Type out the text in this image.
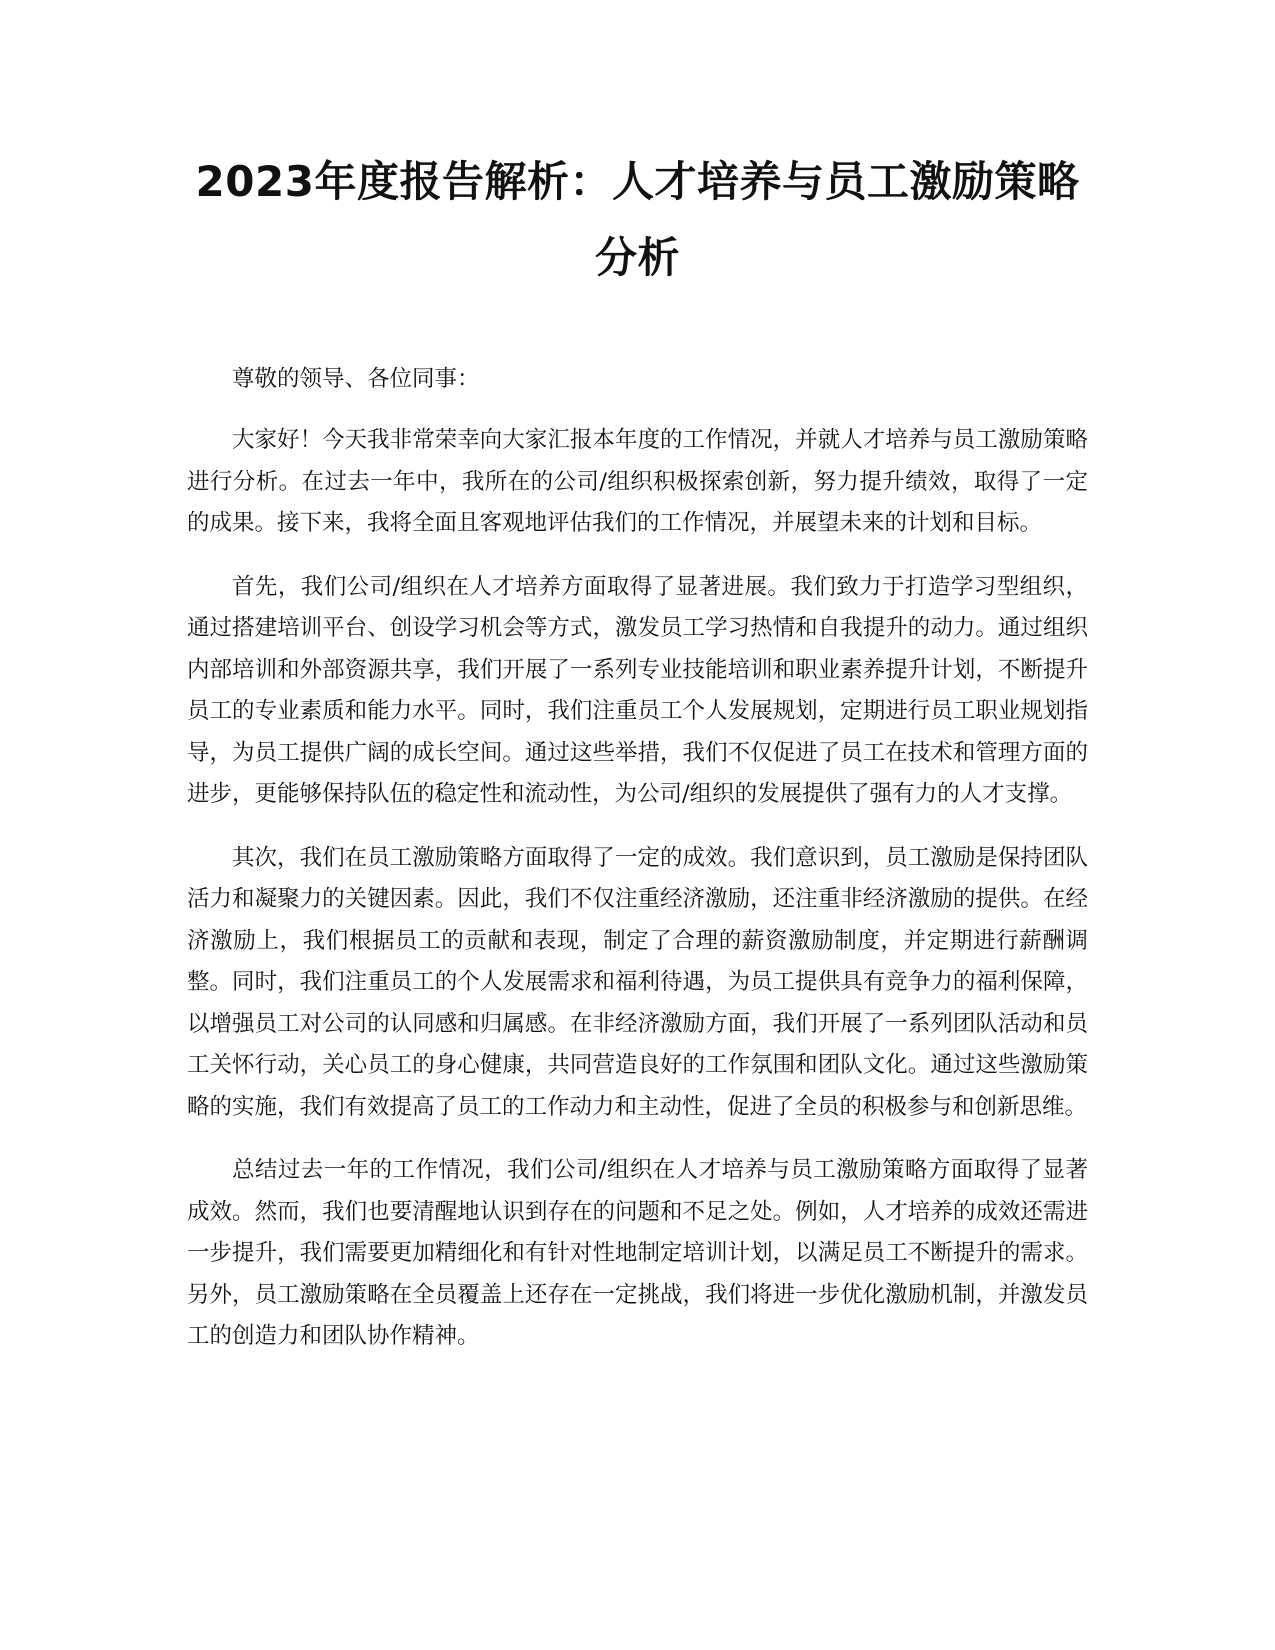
2023年度报告解析：人才培养与员工激励策略分析

尊敬的领导、各位同事：

大家好！今天我非常荣幸向大家汇报本年度的工作情况，并就人才培养与员工激励策略进行分析。在过去一年中，我所在的公司/组织积极探索创新，努力提升绩效，取得了一定的成果。接下来，我将全面且客观地评估我们的工作情况，并展望未来的计划和目标。

首先，我们公司/组织在人才培养方面取得了显著进展。我们致力于打造学习型组织，通过搭建培训平台、创设学习机会等方式，激发员工学习热情和自我提升的动力。通过组织内部培训和外部资源共享，我们开展了一系列专业技能培训和职业素养提升计划，不断提升员工的专业素质和能力水平。同时，我们注重员工个人发展规划，定期进行员工职业规划指导，为员工提供广阔的成长空间。通过这些举措，我们不仅促进了员工在技术和管理方面的进步，更能够保持队伍的稳定性和流动性，为公司/组织的发展提供了强有力的人才支撑。

其次，我们在员工激励策略方面取得了一定的成效。我们意识到，员工激励是保持团队活力和凝聚力的关键因素。因此，我们不仅注重经济激励，还注重非经济激励的提供。在经济激励上，我们根据员工的贡献和表现，制定了合理的薪资激励制度，并定期进行薪酬调整。同时，我们注重员工的个人发展需求和福利待遇，为员工提供具有竞争力的福利保障，以增强员工对公司的认同感和归属感。在非经济激励方面，我们开展了一系列团队活动和员工关怀行动，关心员工的身心健康，共同营造良好的工作氛围和团队文化。通过这些激励策略的实施，我们有效提高了员工的工作动力和主动性，促进了全员的积极参与和创新思维。

总结过去一年的工作情况，我们公司/组织在人才培养与员工激励策略方面取得了显著成效。然而，我们也要清醒地认识到存在的问题和不足之处。例如，人才培养的成效还需进一步提升，我们需要更加精细化和有针对性地制定培训计划，以满足员工不断提升的需求。另外，员工激励策略在全员覆盖上还存在一定挑战，我们将进一步优化激励机制，并激发员工的创造力和团队协作精神。
